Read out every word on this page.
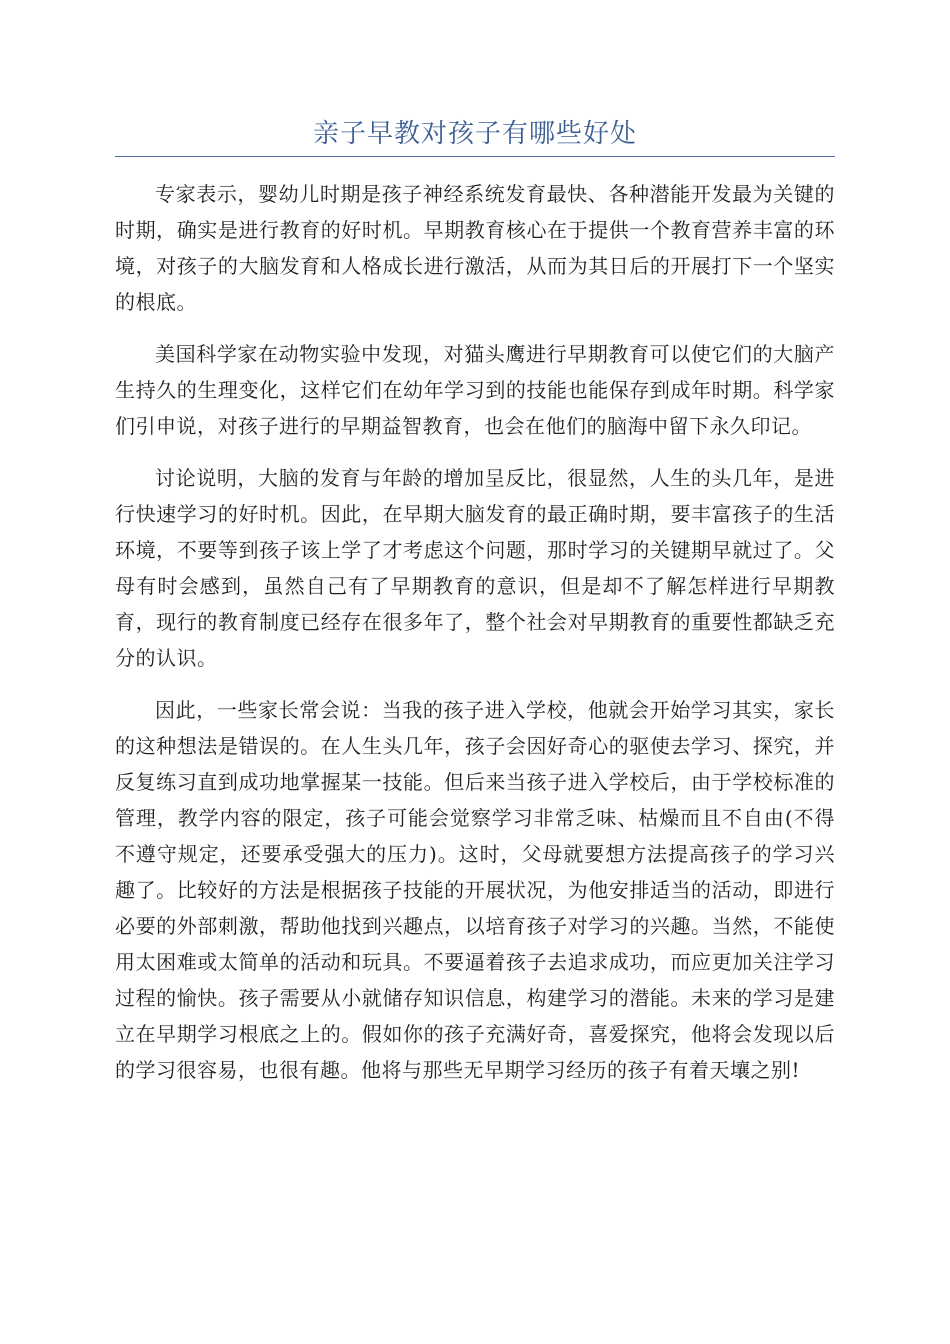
亲子早教对孩子有哪些好处

专家表示，婴幼儿时期是孩子神经系统发育最快、各种潜能开发最为关键的时期，确实是进行教育的好时机。早期教育核心在于提供一个教育营养丰富的环境，对孩子的大脑发育和人格成长进行激活，从而为其日后的开展打下一个坚实的根底。

美国科学家在动物实验中发现，对猫头鹰进行早期教育可以使它们的大脑产生持久的生理变化，这样它们在幼年学习到的技能也能保存到成年时期。科学家们引申说，对孩子进行的早期益智教育，也会在他们的脑海中留下永久印记。

讨论说明，大脑的发育与年龄的增加呈反比，很显然，人生的头几年，是进行快速学习的好时机。因此，在早期大脑发育的最正确时期，要丰富孩子的生活环境，不要等到孩子该上学了才考虑这个问题，那时学习的关键期早就过了。父母有时会感到，虽然自己有了早期教育的意识，但是却不了解怎样进行早期教育，现行的教育制度已经存在很多年了，整个社会对早期教育的重要性都缺乏充分的认识。

因此，一些家长常会说：当我的孩子进入学校，他就会开始学习其实，家长的这种想法是错误的。在人生头几年，孩子会因好奇心的驱使去学习、探究，并反复练习直到成功地掌握某一技能。但后来当孩子进入学校后，由于学校标准的管理，教学内容的限定，孩子可能会觉察学习非常乏味、枯燥而且不自由(不得不遵守规定，还要承受强大的压力)。这时，父母就要想方法提高孩子的学习兴趣了。比较好的方法是根据孩子技能的开展状况，为他安排适当的活动，即进行必要的外部刺激，帮助他找到兴趣点，以培育孩子对学习的兴趣。当然，不能使用太困难或太简单的活动和玩具。不要逼着孩子去追求成功，而应更加关注学习过程的愉快。孩子需要从小就储存知识信息，构建学习的潜能。未来的学习是建立在早期学习根底之上的。假如你的孩子充满好奇，喜爱探究，他将会发现以后的学习很容易，也很有趣。他将与那些无早期学习经历的孩子有着天壤之别!
